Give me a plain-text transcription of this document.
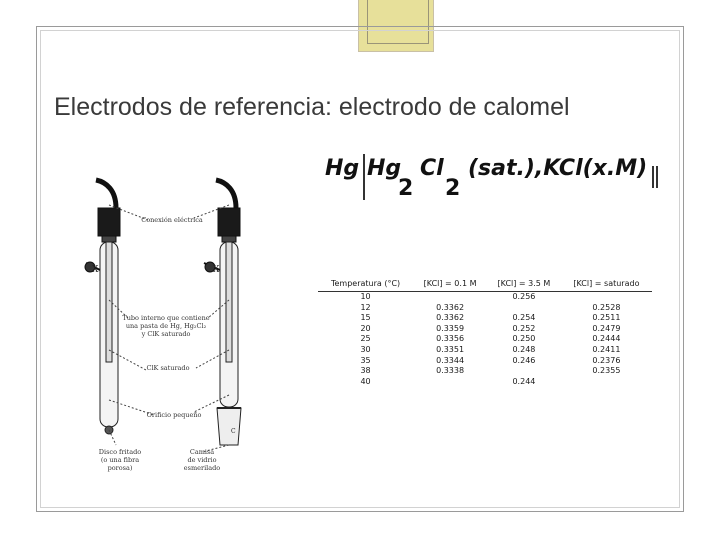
Electrodos de referencia: electrodo de calomel
Hg Hg
2
Cl
2
(sat.),KCl(x.M)
Conexión eléctrica
Tubo interno que contiene
una pasta de Hg, Hg₂Cl₂
y ClK saturado
ClK saturado
Orificio pequeño
Disco fritado
(o una fibra
porosa)
Camisa
de vidrio
esmerilado
X	X
C
Temperatura (°C)	[KCl] = 0.1 M	[KCl] = 3.5 M	[KCl] = saturado
10		0.256	
12	0.3362		0.2528
15	0.3362	0.254	0.2511
20	0.3359	0.252	0.2479
25	0.3356	0.250	0.2444
30	0.3351	0.248	0.2411
35	0.3344	0.246	0.2376
38	0.3338		0.2355
40		0.244	
